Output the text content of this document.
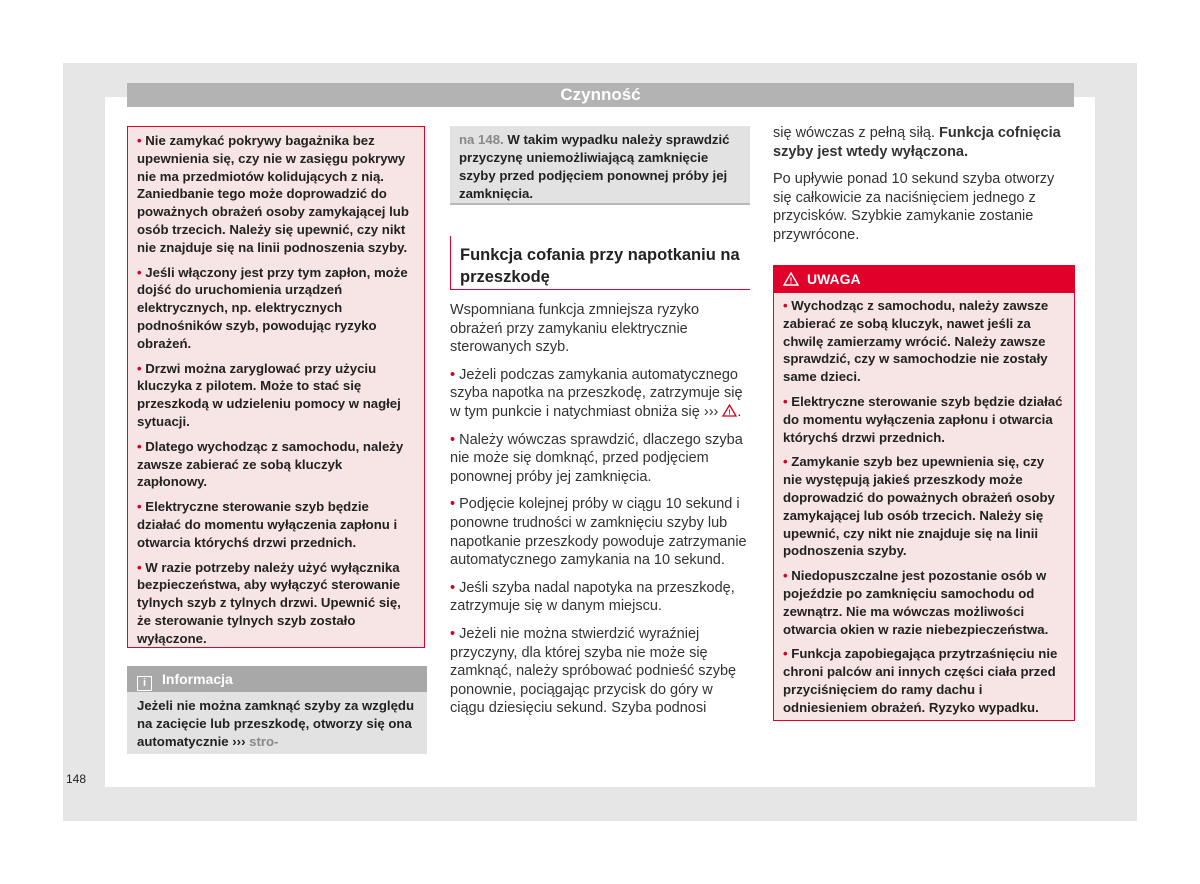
Czynność
• Nie zamykać pokrywy bagażnika bez upewnienia się, czy nie w zasięgu pokrywy nie ma przedmiotów kolidujących z nią. Zaniedbanie tego może doprowadzić do poważnych obrażeń osoby zamykającej lub osób trzecich. Należy się upewnić, czy nikt nie znajduje się na linii podnoszenia szyby.
• Jeśli włączony jest przy tym zapłon, może dojść do uruchomienia urządzeń elektrycznych, np. elektrycznych podnośników szyb, powodując ryzyko obrażeń.
• Drzwi można zaryglować przy użyciu kluczyka z pilotem. Może to stać się przeszkodą w udzieleniu pomocy w nagłej sytuacji.
• Dlatego wychodząc z samochodu, należy zawsze zabierać ze sobą kluczyk zapłonowy.
• Elektryczne sterowanie szyb będzie działać do momentu wyłączenia zapłonu i otwarcia którychś drzwi przednich.
• W razie potrzeby należy użyć wyłącznika bezpieczeństwa, aby wyłączyć sterowanie tylnych szyb z tylnych drzwi. Upewnić się, że sterowanie tylnych szyb zostało wyłączone.
i Informacja
Jeżeli nie można zamknąć szyby za względu na zacięcie lub przeszkodę, otworzy się ona automatycznie ››› stro-
na 148. W takim wypadku należy sprawdzić przyczynę uniemożliwiającą zamknięcie szyby przed podjęciem ponownej próby jej zamknięcia.
Funkcja cofania przy napotkaniu na przeszkodę
Wspomniana funkcja zmniejsza ryzyko obrażeń przy zamykaniu elektrycznie sterowanych szyb.
• Jeżeli podczas zamykania automatycznego szyba napotka na przeszkodę, zatrzymuje się w tym punkcie i natychmiast obniża się ››› ! .
• Należy wówczas sprawdzić, dlaczego szyba nie może się domknąć, przed podjęciem ponownej próby jej zamknięcia.
• Podjęcie kolejnej próby w ciągu 10 sekund i ponowne trudności w zamknięciu szyby lub napotkanie przeszkody powoduje zatrzymanie automatycznego zamykania na 10 sekund.
• Jeśli szyba nadal napotyka na przeszkodę, zatrzymuje się w danym miejscu.
• Jeżeli nie można stwierdzić wyraźniej przyczyny, dla której szyba nie może się zamknąć, należy spróbować podnieść szybę ponownie, pociągając przycisk do góry w ciągu dziesięciu sekund. Szyba podnosi
się wówczas z pełną siłą. Funkcja cofnięcia szyby jest wtedy wyłączona.
Po upływie ponad 10 sekund szyba otworzy się całkowicie za naciśnięciem jednego z przycisków. Szybkie zamykanie zostanie przywrócone.
! UWAGA
• Wychodząc z samochodu, należy zawsze zabierać ze sobą kluczyk, nawet jeśli za chwilę zamierzamy wrócić. Należy zawsze sprawdzić, czy w samochodzie nie zostały same dzieci.
• Elektryczne sterowanie szyb będzie działać do momentu wyłączenia zapłonu i otwarcia którychś drzwi przednich.
• Zamykanie szyb bez upewnienia się, czy nie występują jakieś przeszkody może doprowadzić do poważnych obrażeń osoby zamykającej lub osób trzecich. Należy się upewnić, czy nikt nie znajduje się na linii podnoszenia szyby.
• Niedopuszczalne jest pozostanie osób w pojeździe po zamknięciu samochodu od zewnątrz. Nie ma wówczas możliwości otwarcia okien w razie niebezpieczeństwa.
• Funkcja zapobiegająca przytrzaśnięciu nie chroni palców ani innych części ciała przed przyciśnięciem do ramy dachu i odniesieniem obrażeń. Ryzyko wypadku.
148
